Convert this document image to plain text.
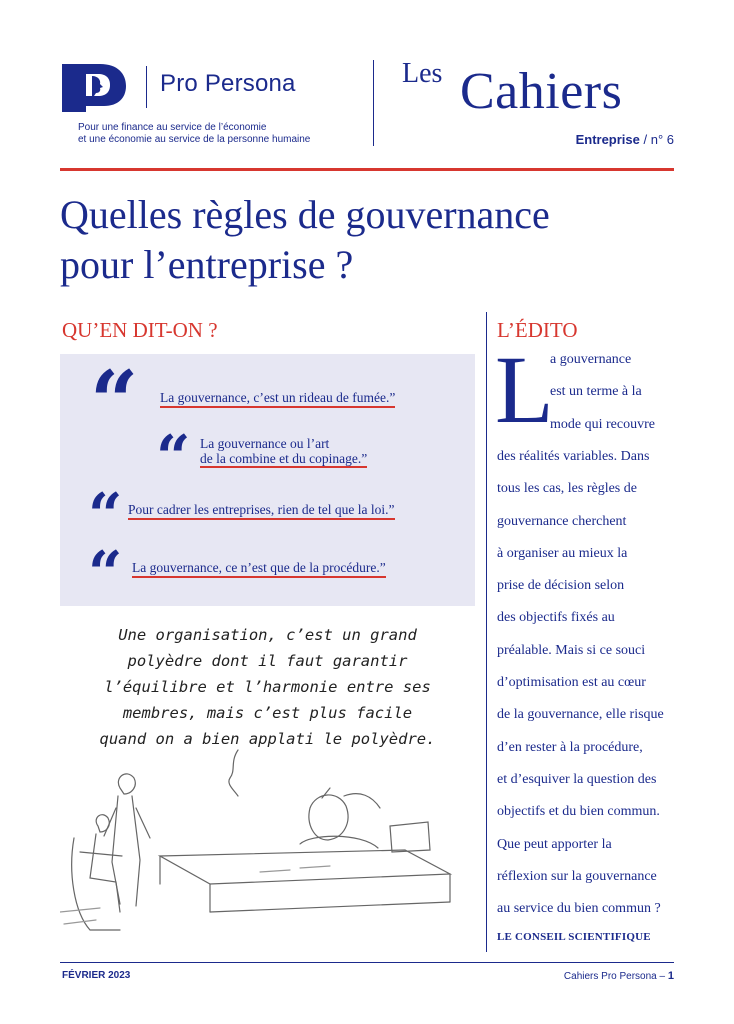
Pro Persona
Pour une finance au service de l’économie
et une économie au service de la personne humaine
Les Cahiers
Entreprise / n° 6
Quelles règles de gouvernance
pour l’entreprise ?
QU’EN DIT-ON ?
“ La gouvernance, c’est un rideau de fumée.”
“ La gouvernance ou l’art
de la combine et du copinage.”
“ Pour cadrer les entreprises, rien de tel que la loi.”
“ La gouvernance, ce n’est que de la procédure.”
Une organisation, c’est un grand
polyèdre dont il faut garantir
l’équilibre et l’harmonie entre ses
membres, mais c’est plus facile
quand on a bien applati le polyèdre.
L’ÉDITO
L
a gouvernance
est un terme à la
mode qui recouvre
des réalités variables. Dans
tous les cas, les règles de
gouvernance cherchent
à organiser au mieux la
prise de décision selon
des objectifs fixés au
préalable. Mais si ce souci
d’optimisation est au cœur
de la gouvernance, elle risque
d’en rester à la procédure,
et d’esquiver la question des
objectifs et du bien commun.
Que peut apporter la
réflexion sur la gouvernance
au service du bien commun ?
LE CONSEIL SCIENTIFIQUE
FÉVRIER 2023	Cahiers Pro Persona – 1
